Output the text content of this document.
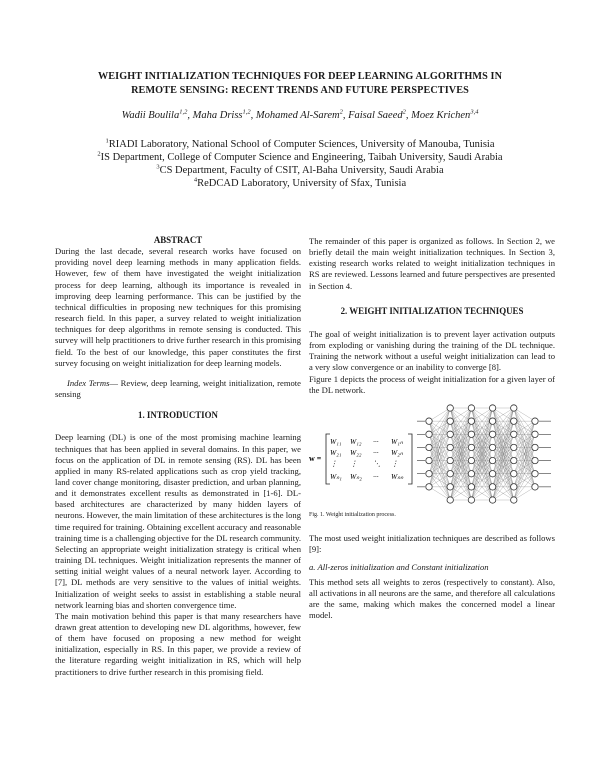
WEIGHT INITIALIZATION TECHNIQUES FOR DEEP LEARNING ALGORITHMS IN
REMOTE SENSING: RECENT TRENDS AND FUTURE PERSPECTIVES
Wadii Boulila$^{1,2}$, Maha Driss$^{1,2}$, Mohamed Al-Sarem$^2$, Faisal Saeed$^2$, Moez Krichen$^{3,4}$
$^1$RIADI Laboratory, National School of Computer Sciences, University of Manouba, Tunisia
$^2$IS Department, College of Computer Science and Engineering, Taibah University, Saudi Arabia
$^3$CS Department, Faculty of CSIT, Al-Baha University, Saudi Arabia
$^4$ReDCAD Laboratory, University of Sfax, Tunisia
ABSTRACT

During the last decade, several research works have focused on providing novel deep learning methods in many application fields. However, few of them have investigated the weight initialization process for deep learning, although its importance is revealed in improving deep learning performance. This can be justified by the technical difficulties in proposing new techniques for this promising research field. In this paper, a survey related to weight initialization techniques for deep algorithms in remote sensing is conducted. This survey will help practitioners to drive further research in this promising field. To the best of our knowledge, this paper constitutes the first survey focusing on weight initialization for deep learning models.

Index Terms— Review, deep learning, weight initialization, remote sensing

1. INTRODUCTION

Deep learning (DL) is one of the most promising machine learning techniques that has been applied in several domains. In this paper, we focus on the application of DL in remote sensing (RS). DL has been applied in many RS-related applications such as crop yield tracking, land cover change monitoring, disaster prediction, and urban planning, and it demonstrates excellent results as demonstrated in [1-6]. DL-based architectures are characterized by many hidden layers of neurons. However, the main limitation of these architectures is the long time required for training. Obtaining excellent accuracy and reasonable training time is a challenging objective for the DL research community. Selecting an appropriate weight initialization strategy is critical when training DL techniques. Weight initialization represents the manner of setting initial weight values of a neural network layer. According to [7], DL methods are very sensitive to the values of initial weights. Initialization of weight seeks to assist in establishing a stable neural network learning bias and shorten convergence time.

The main motivation behind this paper is that many researchers have drawn great attention to developing new DL algorithms, however, few of them have focused on proposing a new method for weight initialization, especially in RS. In this paper, we provide a review of the literature regarding weight initialization in RS, which will help practitioners to drive further research in this promising field.

The remainder of this paper is organized as follows. In Section 2, we briefly detail the main weight initialization techniques. In Section 3, existing research works related to weight initialization techniques in RS are reviewed. Lessons learned and future perspectives are presented in Section 4.

2. WEIGHT INITIALIZATION TECHNIQUES

The goal of weight initialization is to prevent layer activation outputs from exploding or vanishing during the training of the DL technique. Training the network without a useful weight initialization can lead to a very slow convergence or an inability to converge [8].

Figure 1 depicts the process of weight initialization for a given layer of the DL network.

w =
W₁₁ W₁₂ ··· W₁ₙ
W₂₁ W₂₂ ··· W₂ₙ
⋮ ⋮ ⋱ ⋮
Wₙ₁ Wₙ₂ ··· Wₙₙ
Fig. 1. Weight initialization process.

The most used weight initialization techniques are described as follows [9]:

a. All-zeros initialization and Constant initialization

This method sets all weights to zeros (respectively to constant). Also, all activations in all neurons are the same, and therefore all calculations are the same, making which makes the concerned model a linear model.
